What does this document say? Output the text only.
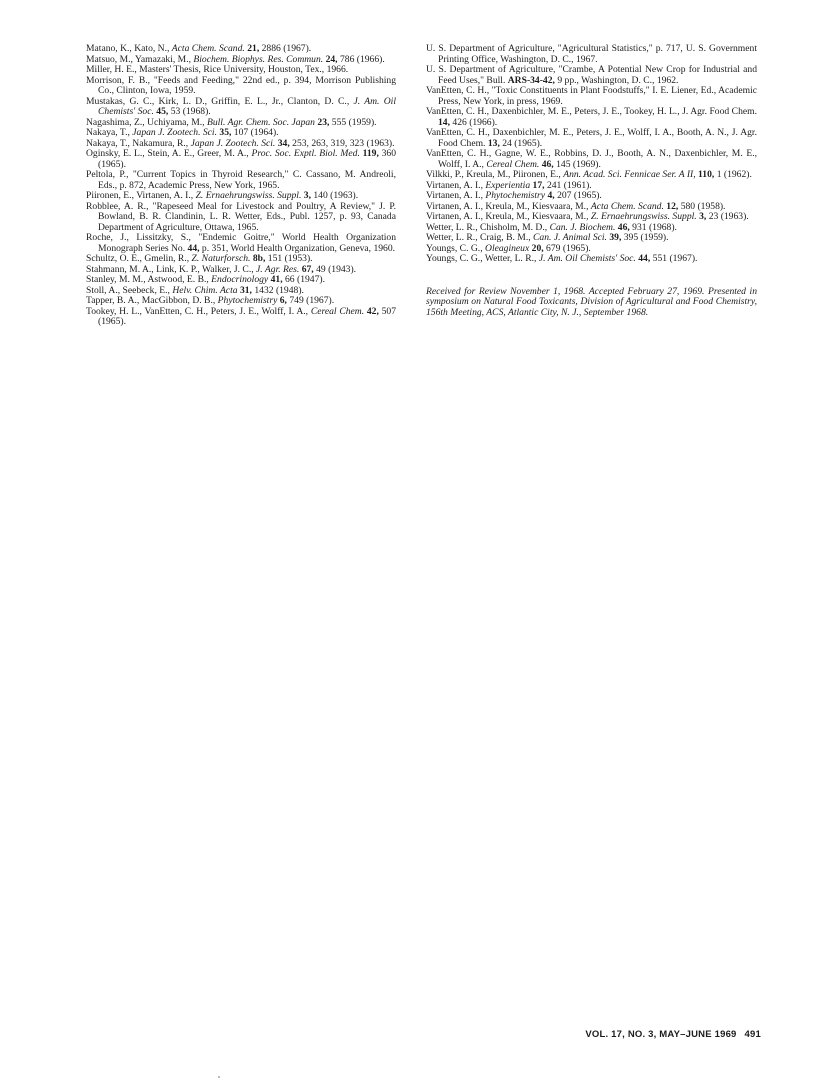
Matano, K., Kato, N., Acta Chem. Scand. 21, 2886 (1967).
Matsuo, M., Yamazaki, M., Biochem. Biophys. Res. Commun. 24, 786 (1966).
Miller, H. E., Masters' Thesis, Rice University, Houston, Tex., 1966.
Morrison, F. B., "Feeds and Feeding," 22nd ed., p. 394, Morrison Publishing Co., Clinton, Iowa, 1959.
Mustakas, G. C., Kirk, L. D., Griffin, E. L., Jr., Clanton, D. C., J. Am. Oil Chemists' Soc. 45, 53 (1968).
Nagashima, Z., Uchiyama, M., Bull. Agr. Chem. Soc. Japan 23, 555 (1959).
Nakaya, T., Japan J. Zootech. Sci. 35, 107 (1964).
Nakaya, T., Nakamura, R., Japan J. Zootech. Sci. 34, 253, 263, 319, 323 (1963).
Oginsky, E. L., Stein, A. E., Greer, M. A., Proc. Soc. Exptl. Biol. Med. 119, 360 (1965).
Peltola, P., "Current Topics in Thyroid Research," C. Cassano, M. Andreoli, Eds., p. 872, Academic Press, New York, 1965.
Piironen, E., Virtanen, A. I., Z. Ernaehrungswiss. Suppl. 3, 140 (1963).
Robblee, A. R., "Rapeseed Meal for Livestock and Poultry, A Review," J. P. Bowland, B. R. Clandinin, L. R. Wetter, Eds., Publ. 1257, p. 93, Canada Department of Agriculture, Ottawa, 1965.
Roche, J., Lissitzky, S., "Endemic Goitre," World Health Organization Monograph Series No. 44, p. 351, World Health Organization, Geneva, 1960.
Schultz, O. E., Gmelin, R., Z. Naturforsch. 8b, 151 (1953).
Stahmann, M. A., Link, K. P., Walker, J. C., J. Agr. Res. 67, 49 (1943).
Stanley, M. M., Astwood, E. B., Endocrinology 41, 66 (1947).
Stoll, A., Seebeck, E., Helv. Chim. Acta 31, 1432 (1948).
Tapper, B. A., MacGibbon, D. B., Phytochemistry 6, 749 (1967).
Tookey, H. L., VanEtten, C. H., Peters, J. E., Wolff, I. A., Cereal Chem. 42, 507 (1965).
U. S. Department of Agriculture, "Agricultural Statistics," p. 717, U. S. Government Printing Office, Washington, D. C., 1967.
U. S. Department of Agriculture, "Crambe, A Potential New Crop for Industrial and Feed Uses," Bull. ARS-34-42, 9 pp., Washington, D. C., 1962.
VanEtten, C. H., "Toxic Constituents in Plant Foodstuffs," I. E. Liener, Ed., Academic Press, New York, in press, 1969.
VanEtten, C. H., Daxenbichler, M. E., Peters, J. E., Tookey, H. L., J. Agr. Food Chem. 14, 426 (1966).
VanEtten, C. H., Daxenbichler, M. E., Peters, J. E., Wolff, I. A., Booth, A. N., J. Agr. Food Chem. 13, 24 (1965).
VanEtten, C. H., Gagne, W. E., Robbins, D. J., Booth, A. N., Daxenbichler, M. E., Wolff, I. A., Cereal Chem. 46, 145 (1969).
Vilkki, P., Kreula, M., Piironen, E., Ann. Acad. Sci. Fennicae Ser. A II, 110, 1 (1962).
Virtanen, A. I., Experientia 17, 241 (1961).
Virtanen, A. I., Phytochemistry 4, 207 (1965).
Virtanen, A. I., Kreula, M., Kiesvaara, M., Acta Chem. Scand. 12, 580 (1958).
Virtanen, A. I., Kreula, M., Kiesvaara, M., Z. Ernaehrungswiss. Suppl. 3, 23 (1963).
Wetter, L. R., Chisholm, M. D., Can. J. Biochem. 46, 931 (1968).
Wetter, L. R., Craig, B. M., Can. J. Animal Sci. 39, 395 (1959).
Youngs, C. G., Oleagineux 20, 679 (1965).
Youngs, C. G., Wetter, L. R., J. Am. Oil Chemists' Soc. 44, 551 (1967).

Received for Review November 1, 1968. Accepted February 27, 1969. Presented in symposium on Natural Food Toxicants, Division of Agricultural and Food Chemistry, 156th Meeting, ACS, Atlantic City, N. J., September 1968.

VOL. 17, NO. 3, MAY–JUNE 1969 491
